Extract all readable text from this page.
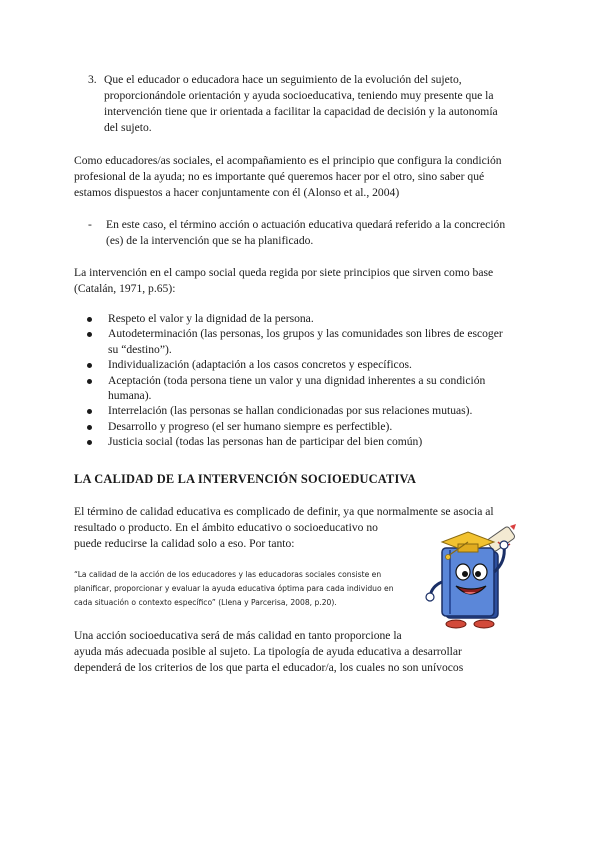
3. Que el educador o educadora hace un seguimiento de la evolución del sujeto,
proporcionándole orientación y ayuda socioeducativa, teniendo muy presente que la
intervención tiene que ir orientada a facilitar la capacidad de decisión y la autonomía
del sujeto.

Como educadores/as sociales, el acompañamiento es el principio que configura la condición
profesional de la ayuda; no es importante qué queremos hacer por el otro, sino saber qué
estamos dispuestos a hacer conjuntamente con él (Alonso et al., 2004)

- En este caso, el término acción o actuación educativa quedará referido a la concreción
(es) de la intervención que se ha planificado.

La intervención en el campo social queda regida por siete principios que sirven como base
(Catalán, 1971, p.65):

Respeto el valor y la dignidad de la persona.
Autodeterminación (las personas, los grupos y las comunidades son libres de escoger
su “destino”).
Individualización (adaptación a los casos concretos y específicos.
Aceptación (toda persona tiene un valor y una dignidad inherentes a su condición
humana).
Interrelación (las personas se hallan condicionadas por sus relaciones mutuas).
Desarrollo y progreso (el ser humano siempre es perfectible).
Justicia social (todas las personas han de participar del bien común)
LA CALIDAD DE LA INTERVENCIÓN SOCIOEDUCATIVA

El término de calidad educativa es complicado de definir, ya que normalmente se asocia al
resultado o producto. En el ámbito educativo o socioeducativo no
puede reducirse la calidad solo a eso. Por tanto:

“La calidad de la acción de los educadores y las educadoras sociales consiste en
planificar, proporcionar y evaluar la ayuda educativa óptima para cada individuo en
cada situación o contexto específico” (Llena y Parcerisa, 2008, p.20).

Una acción socioeducativa será de más calidad en tanto proporcione la
ayuda más adecuada posible al sujeto. La tipología de ayuda educativa a desarrollar
dependerá de los criterios de los que parta el educador/a, los cuales no son unívocos
